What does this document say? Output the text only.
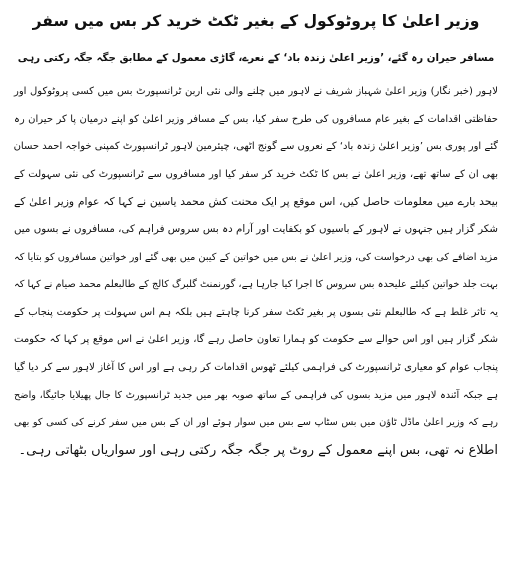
وزیر اعلیٰ کا پروٹوکول کے بغیر ٹکٹ خرید کر بس میں سفر
مسافر حیران رہ گئے، ’وزیر اعلیٰ زندہ باد‘ کے نعرے، گاڑی معمول کے مطابق جگہ جگہ رکتی رہی
لاہور (خبر نگار) وزیر اعلیٰ شہباز شریف نے لاہور میں چلنے والی نئی اربن ٹرانسپورٹ بس میں کسی پروٹوکول اور
حفاظتی اقدامات کے بغیر عام مسافروں کی طرح سفر کیا، بس کے مسافر وزیر اعلیٰ کو اپنے درمیان پا کر حیران رہ
گئے اور پوری بس ’وزیر اعلیٰ زندہ باد‘ کے نعروں سے گونج اٹھی، چیئرمین لاہور ٹرانسپورٹ کمپنی خواجہ احمد حسان
بھی ان کے ساتھ تھے، وزیر اعلیٰ نے بس کا ٹکٹ خرید کر سفر کیا اور مسافروں سے ٹرانسپورٹ کی نئی سہولت کے
بیحد بارے میں معلومات حاصل کیں، اس موقع پر ایک محنت کش محمد یاسین نے کہا کہ عوام وزیر اعلیٰ کے
شکر گزار ہیں جنہوں نے لاہور کے باسیوں کو بکفایت اور آرام دہ بس سروس فراہم کی، مسافروں نے بسوں میں
مزید اضافے کی بھی درخواست کی، وزیر اعلیٰ نے بس میں خواتین کے کیبن میں بھی گئے اور خواتین مسافروں کو بتایا کہ
بہت جلد خواتین کیلئے علیحدہ بس سروس کا اجرا کیا جارہا ہے، گورنمنٹ گلبرگ کالج کے طالبعلم محمد صیام نے کہا کہ
یہ تاثر غلط ہے کہ طالبعلم نئی بسوں پر بغیر ٹکٹ سفر کرنا چاہتے ہیں بلکہ ہم اس سہولت پر حکومت پنجاب کے
شکر گزار ہیں اور اس حوالے سے حکومت کو ہمارا تعاون حاصل رہے گا، وزیر اعلیٰ نے اس موقع پر کہا کہ حکومت
پنجاب عوام کو معیاری ٹرانسپورٹ کی فراہمی کیلئے ٹھوس اقدامات کر رہی ہے اور اس کا آغاز لاہور سے کر دیا گیا
ہے جبکہ آئندہ لاہور میں مزید بسوں کی فراہمی کے ساتھ صوبہ بھر میں جدید ٹرانسپورٹ کا جال پھیلایا جائیگا، واضح
رہے کہ وزیر اعلیٰ ماڈل ٹاؤن میں بس سٹاپ سے بس میں سوار ہوئے اور ان کے بس میں سفر کرنے کی کسی کو بھی
اطلاع نہ تھی، بس اپنے معمول کے روٹ پر جگہ جگہ رکتی رہی اور سواریاں بٹھاتی رہی۔
